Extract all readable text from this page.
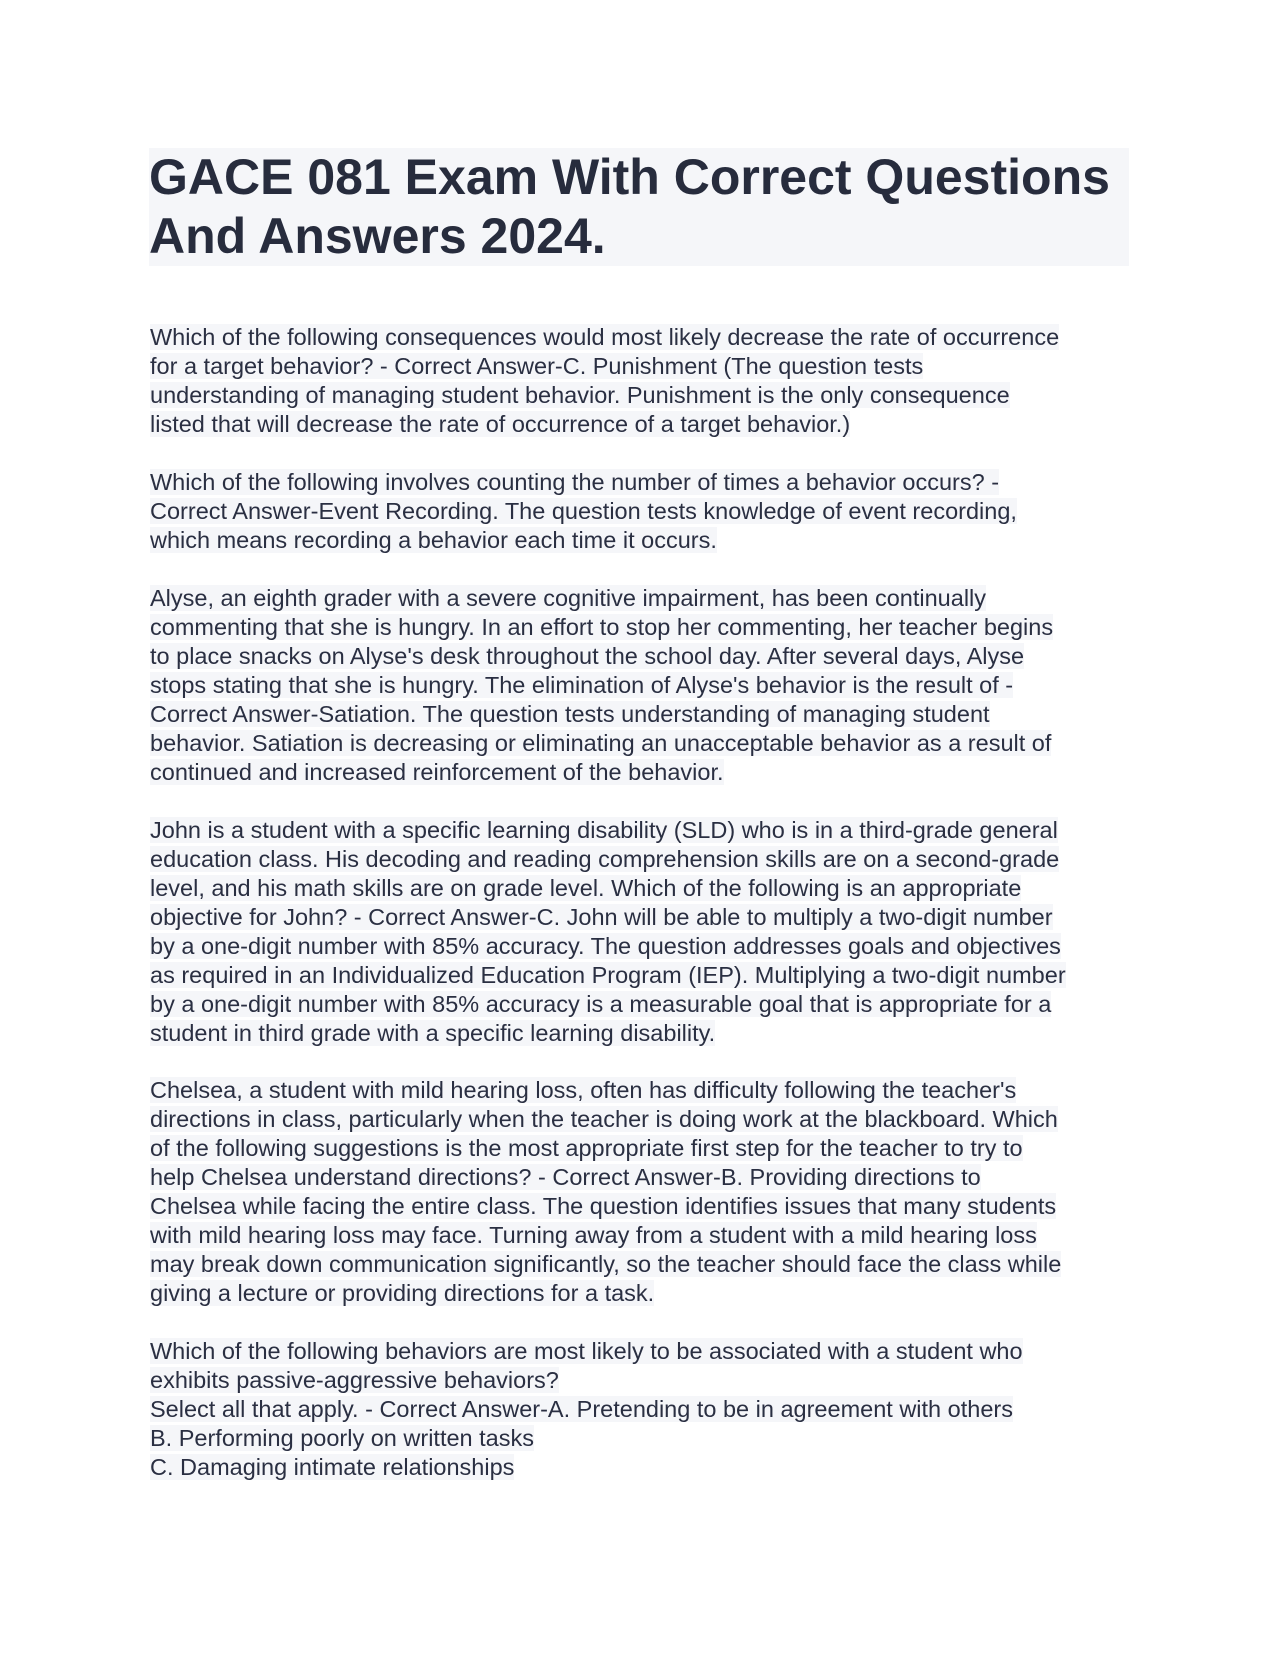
GACE 081 Exam With Correct Questions
And Answers 2024.

Which of the following consequences would most likely decrease the rate of occurrence
for a target behavior? - Correct Answer-C. Punishment (The question tests
understanding of managing student behavior. Punishment is the only consequence
listed that will decrease the rate of occurrence of a target behavior.)

Which of the following involves counting the number of times a behavior occurs? -
Correct Answer-Event Recording. The question tests knowledge of event recording,
which means recording a behavior each time it occurs.

Alyse, an eighth grader with a severe cognitive impairment, has been continually
commenting that she is hungry. In an effort to stop her commenting, her teacher begins
to place snacks on Alyse's desk throughout the school day. After several days, Alyse
stops stating that she is hungry. The elimination of Alyse's behavior is the result of -
Correct Answer-Satiation. The question tests understanding of managing student
behavior. Satiation is decreasing or eliminating an unacceptable behavior as a result of
continued and increased reinforcement of the behavior.

John is a student with a specific learning disability (SLD) who is in a third-grade general
education class. His decoding and reading comprehension skills are on a second-grade
level, and his math skills are on grade level. Which of the following is an appropriate
objective for John? - Correct Answer-C. John will be able to multiply a two-digit number
by a one-digit number with 85% accuracy. The question addresses goals and objectives
as required in an Individualized Education Program (IEP). Multiplying a two-digit number
by a one-digit number with 85% accuracy is a measurable goal that is appropriate for a
student in third grade with a specific learning disability.

Chelsea, a student with mild hearing loss, often has difficulty following the teacher's
directions in class, particularly when the teacher is doing work at the blackboard. Which
of the following suggestions is the most appropriate first step for the teacher to try to
help Chelsea understand directions? - Correct Answer-B. Providing directions to
Chelsea while facing the entire class. The question identifies issues that many students
with mild hearing loss may face. Turning away from a student with a mild hearing loss
may break down communication significantly, so the teacher should face the class while
giving a lecture or providing directions for a task.

Which of the following behaviors are most likely to be associated with a student who
exhibits passive-aggressive behaviors?
Select all that apply. - Correct Answer-A. Pretending to be in agreement with others
B. Performing poorly on written tasks
C. Damaging intimate relationships
